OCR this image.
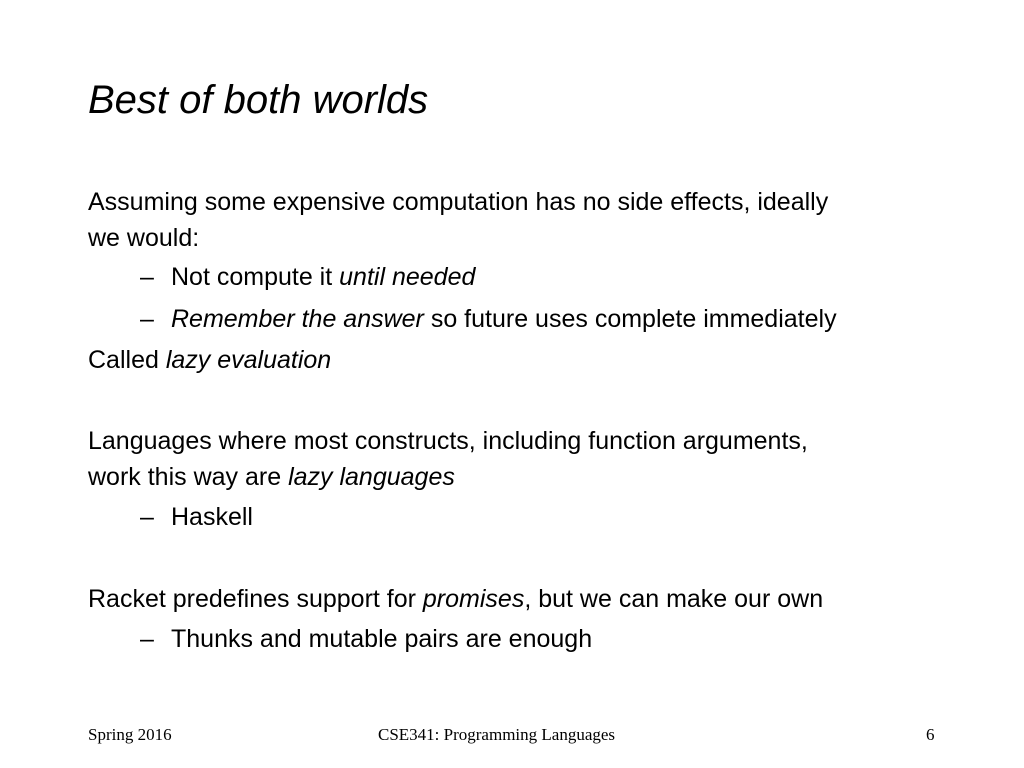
Best of both worlds
Assuming some expensive computation has no side effects, ideally
we would:
– Not compute it until needed
– Remember the answer so future uses complete immediately
Called lazy evaluation
Languages where most constructs, including function arguments,
work this way are lazy languages
– Haskell
Racket predefines support for promises, but we can make our own
– Thunks and mutable pairs are enough
Spring 2016	CSE341: Programming Languages	6
